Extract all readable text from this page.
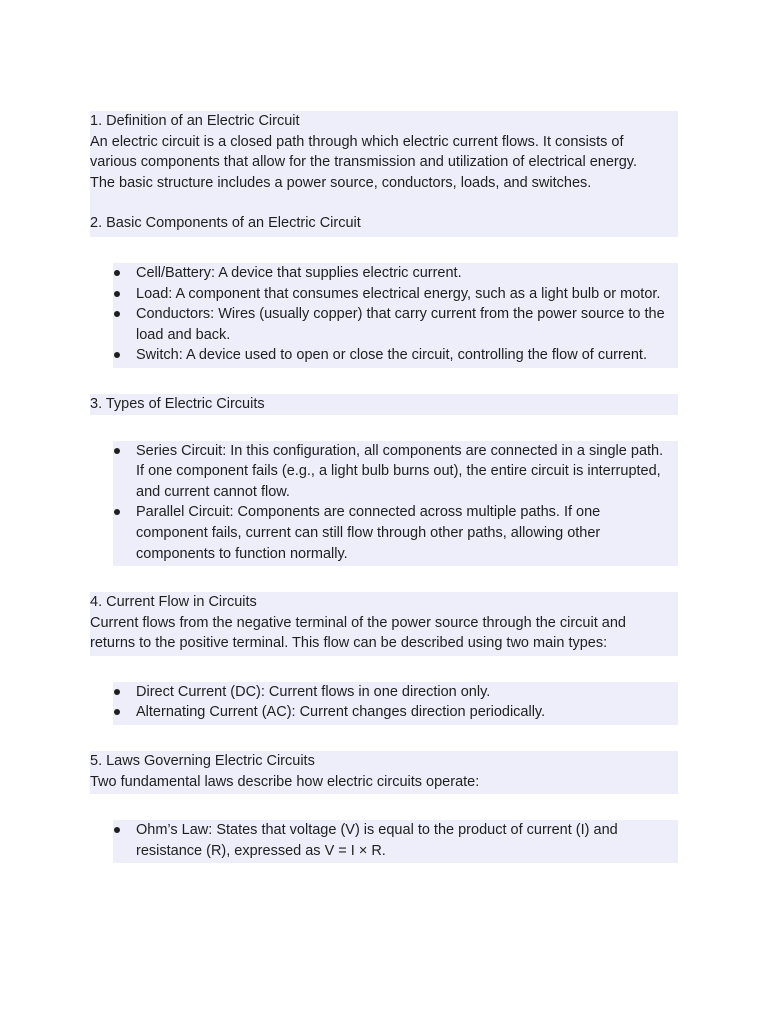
1. Definition of an Electric Circuit
An electric circuit is a closed path through which electric current flows. It consists of various components that allow for the transmission and utilization of electrical energy. The basic structure includes a power source, conductors, loads, and switches.
2. Basic Components of an Electric Circuit
Cell/Battery: A device that supplies electric current.
Load: A component that consumes electrical energy, such as a light bulb or motor.
Conductors: Wires (usually copper) that carry current from the power source to the load and back.
Switch: A device used to open or close the circuit, controlling the flow of current.
3. Types of Electric Circuits
Series Circuit: In this configuration, all components are connected in a single path. If one component fails (e.g., a light bulb burns out), the entire circuit is interrupted, and current cannot flow.
Parallel Circuit: Components are connected across multiple paths. If one component fails, current can still flow through other paths, allowing other components to function normally.
4. Current Flow in Circuits
Current flows from the negative terminal of the power source through the circuit and returns to the positive terminal. This flow can be described using two main types:
Direct Current (DC): Current flows in one direction only.
Alternating Current (AC): Current changes direction periodically.
5. Laws Governing Electric Circuits
Two fundamental laws describe how electric circuits operate:
Ohm’s Law: States that voltage (V) is equal to the product of current (I) and resistance (R), expressed as V = I × R.
